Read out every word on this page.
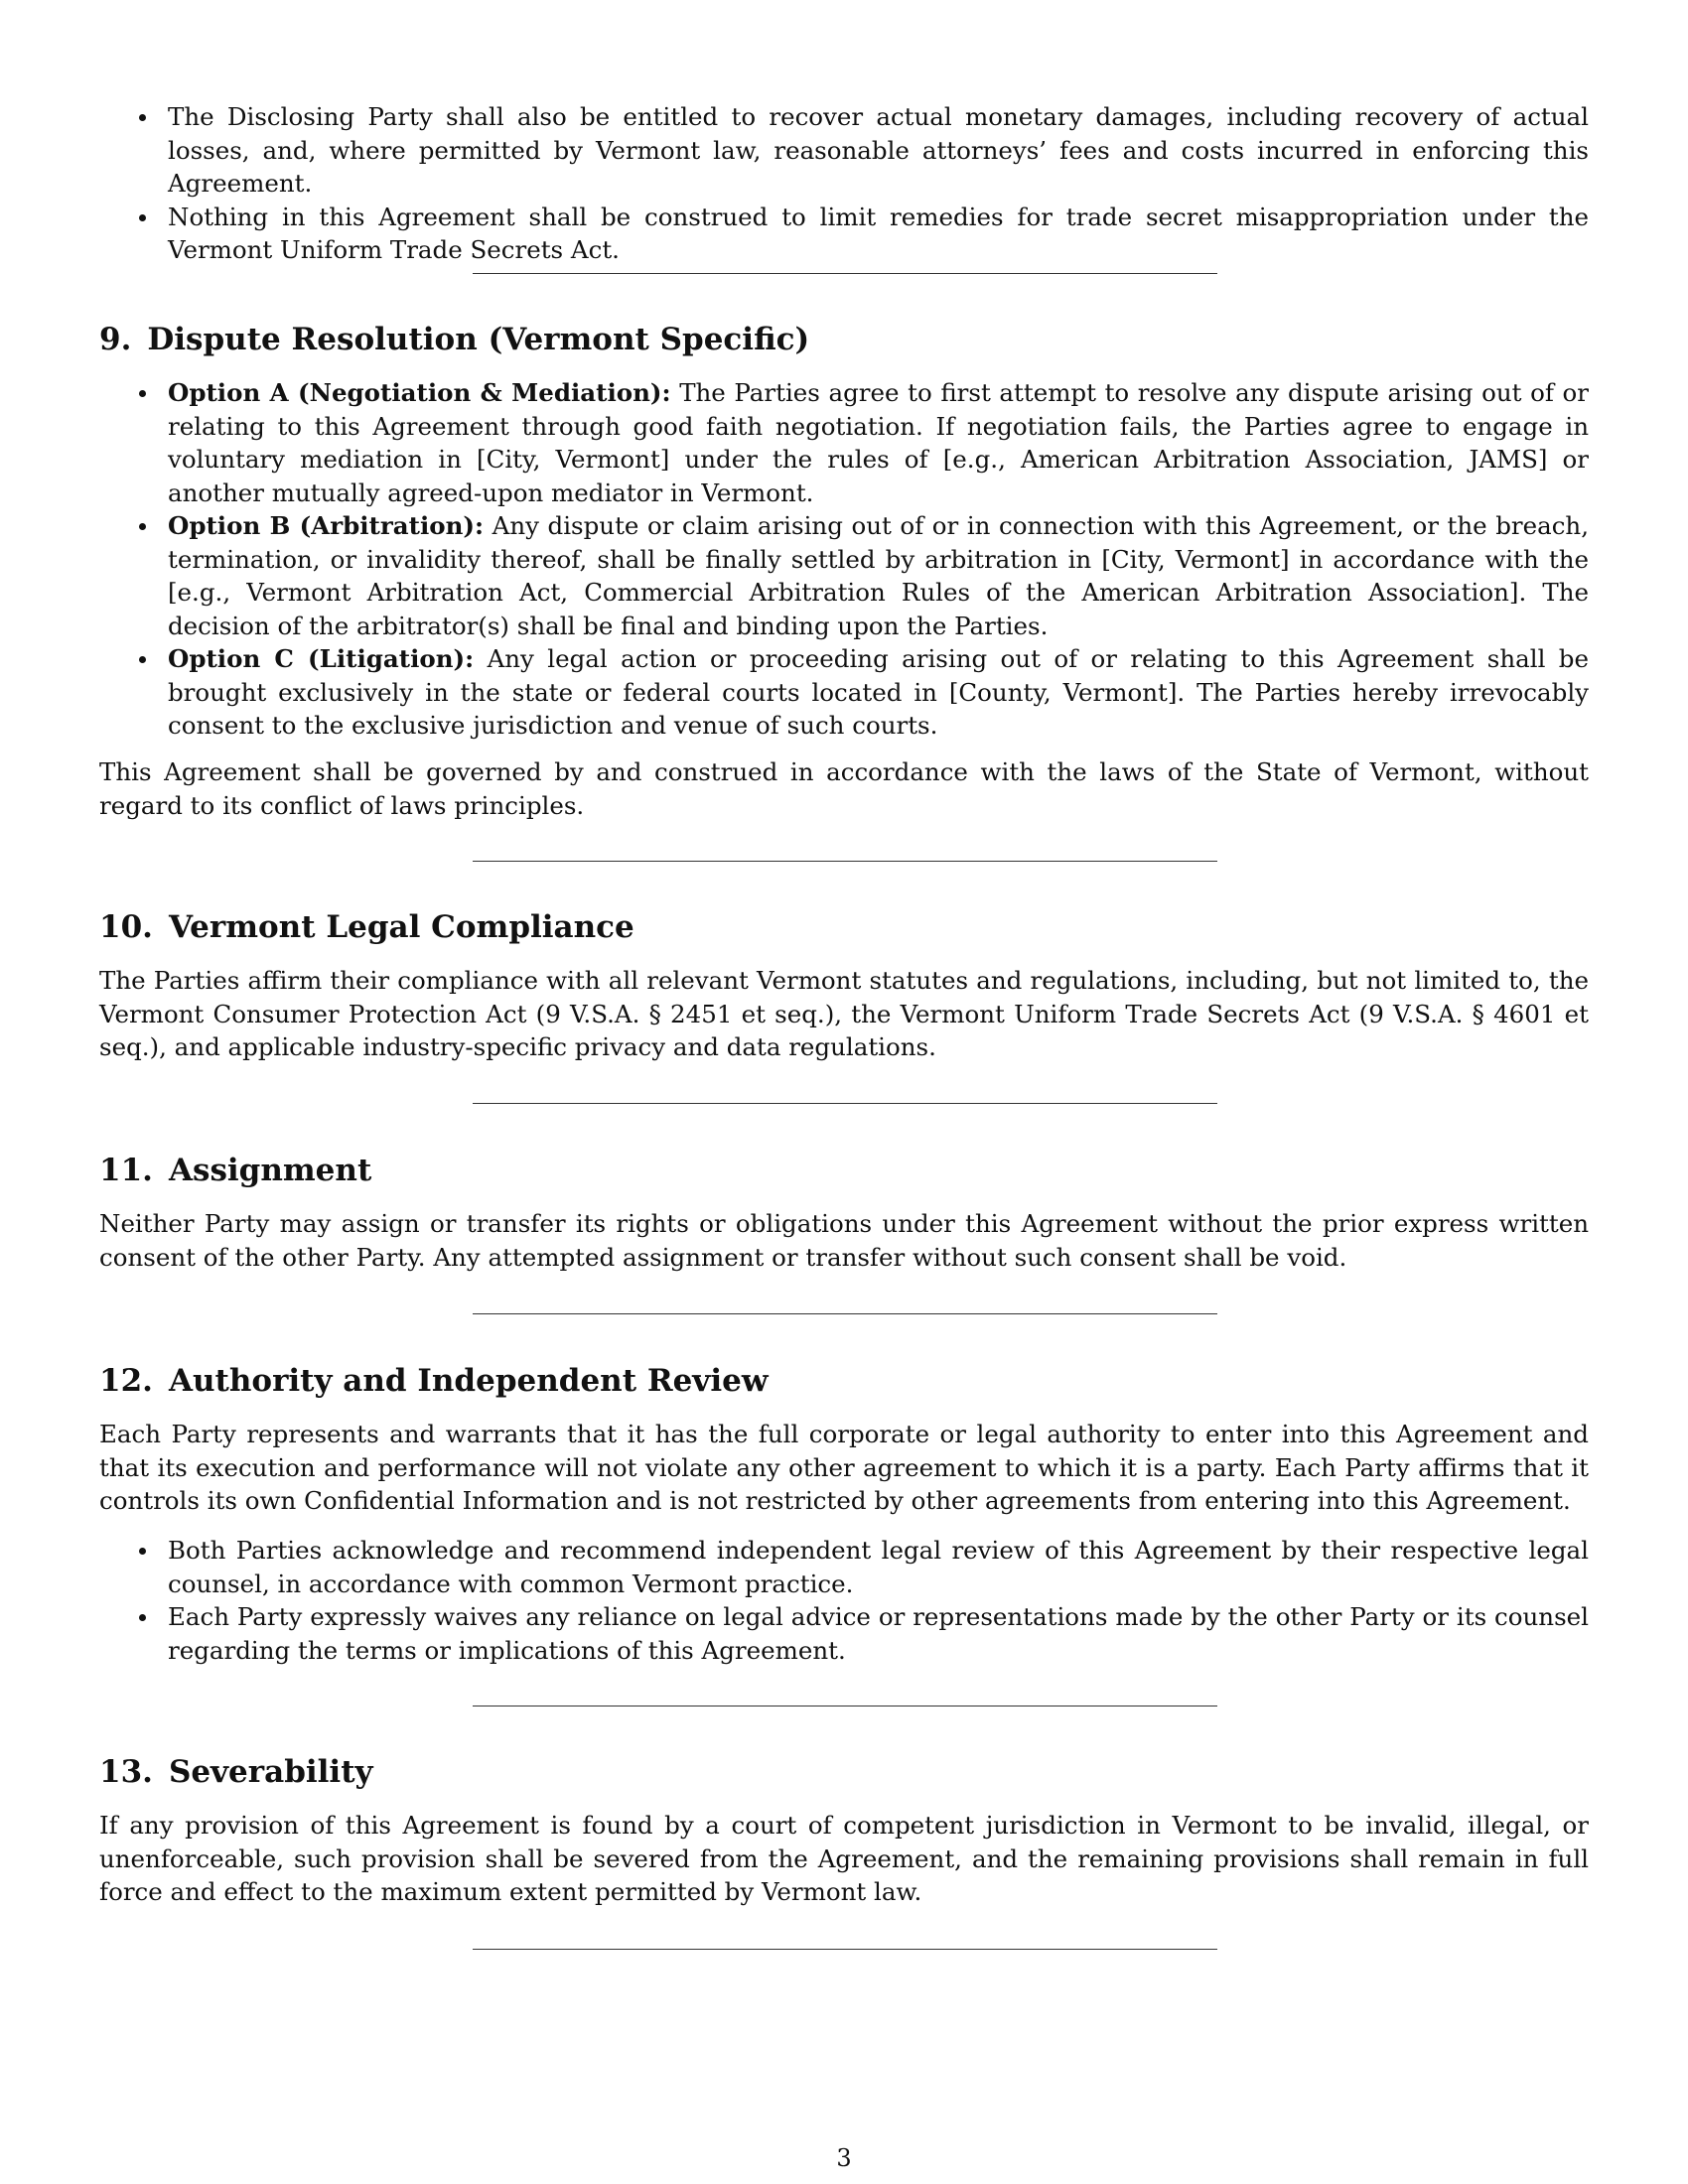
The Disclosing Party shall also be entitled to recover actual monetary damages, including recovery of actual losses, and, where permitted by Vermont law, reasonable attorneys’ fees and costs incurred in enforcing this Agreement.
Nothing in this Agreement shall be construed to limit remedies for trade secret misappropriation under the Vermont Uniform Trade Secrets Act.
9. Dispute Resolution (Vermont Specific)
Option A (Negotiation & Mediation): The Parties agree to first attempt to resolve any dispute arising out of or relating to this Agreement through good faith negotiation. If negotiation fails, the Parties agree to engage in voluntary mediation in [City, Vermont] under the rules of [e.g., American Arbitration Association, JAMS] or another mutually agreed-upon mediator in Vermont.
Option B (Arbitration): Any dispute or claim arising out of or in connection with this Agreement, or the breach, termination, or invalidity thereof, shall be finally settled by arbitration in [City, Vermont] in accordance with the [e.g., Vermont Arbitration Act, Commercial Arbitration Rules of the American Arbitration Association]. The decision of the arbitrator(s) shall be final and binding upon the Parties.
Option C (Litigation): Any legal action or proceeding arising out of or relating to this Agreement shall be brought exclusively in the state or federal courts located in [County, Vermont]. The Parties hereby irrevocably consent to the exclusive jurisdiction and venue of such courts.

This Agreement shall be governed by and construed in accordance with the laws of the State of Vermont, without regard to its conflict of laws principles.

10. Vermont Legal Compliance

The Parties affirm their compliance with all relevant Vermont statutes and regulations, including, but not limited to, the Vermont Consumer Protection Act (9 V.S.A. § 2451 et seq.), the Vermont Uniform Trade Secrets Act (9 V.S.A. § 4601 et seq.), and applicable industry-specific privacy and data regulations.

11. Assignment

Neither Party may assign or transfer its rights or obligations under this Agreement without the prior express written consent of the other Party. Any attempted assignment or transfer without such consent shall be void.

12. Authority and Independent Review

Each Party represents and warrants that it has the full corporate or legal authority to enter into this Agreement and that its execution and performance will not violate any other agreement to which it is a party. Each Party affirms that it controls its own Confidential Information and is not restricted by other agreements from entering into this Agreement.

Both Parties acknowledge and recommend independent legal review of this Agreement by their respective legal counsel, in accordance with common Vermont practice.
Each Party expressly waives any reliance on legal advice or representations made by the other Party or its counsel regarding the terms or implications of this Agreement.
13. Severability

If any provision of this Agreement is found by a court of competent jurisdiction in Vermont to be invalid, illegal, or unenforceable, such provision shall be severed from the Agreement, and the remaining provisions shall remain in full force and effect to the maximum extent permitted by Vermont law.

3
